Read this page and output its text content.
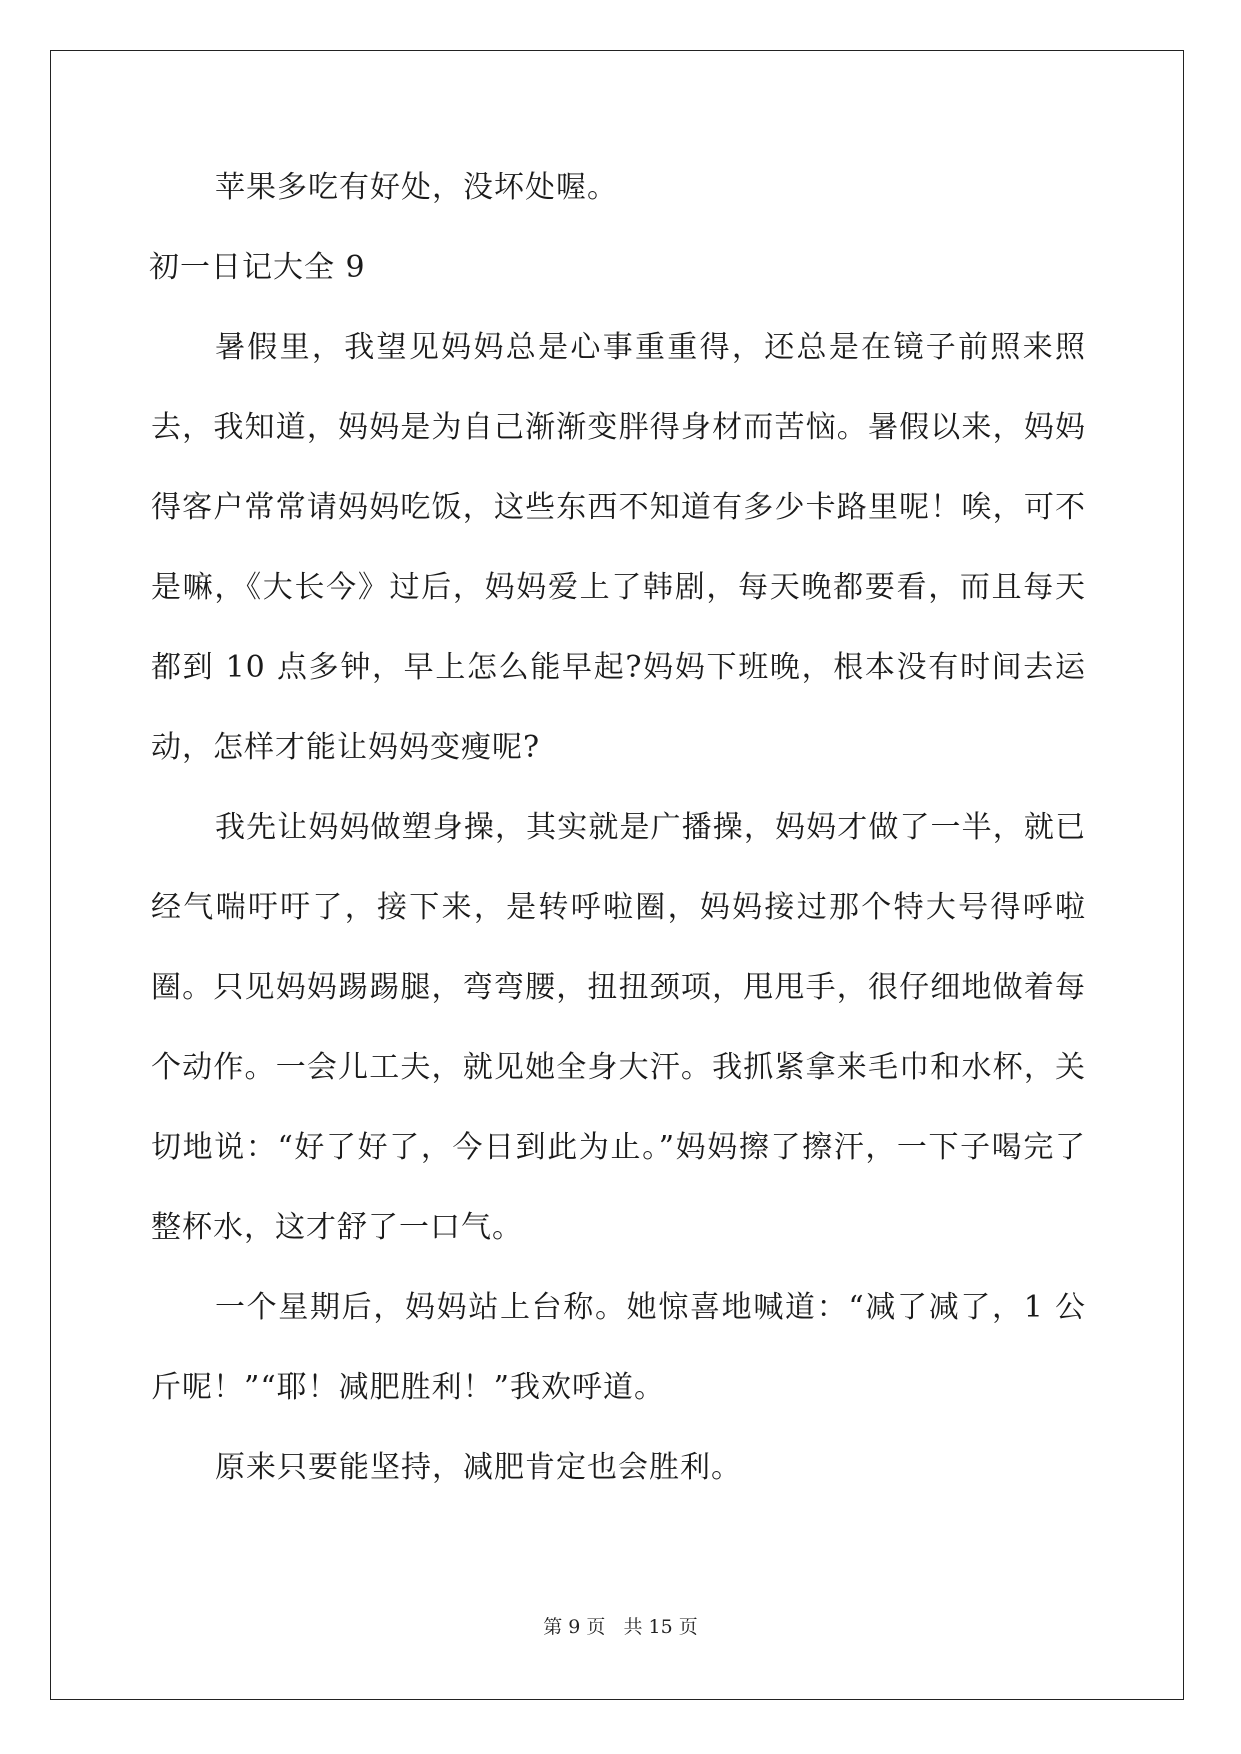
苹果多吃有好处，没坏处喔。

初一日记大全 9

暑假里，我望见妈妈总是心事重重得，还总是在镜子前照来照去，我知道，妈妈是为自己渐渐变胖得身材而苦恼。暑假以来，妈妈得客户常常请妈妈吃饭，这些东西不知道有多少卡路里呢！唉，可不是嘛，《大长今》过后，妈妈爱上了韩剧，每天晚都要看，而且每天都到 10 点多钟，早上怎么能早起?妈妈下班晚，根本没有时间去运动，怎样才能让妈妈变瘦呢?

我先让妈妈做塑身操，其实就是广播操，妈妈才做了一半，就已经气喘吁吁了，接下来，是转呼啦圈，妈妈接过那个特大号得呼啦圈。只见妈妈踢踢腿，弯弯腰，扭扭颈项，甩甩手，很仔细地做着每个动作。一会儿工夫，就见她全身大汗。我抓紧拿来毛巾和水杯，关切地说：“好了好了，今日到此为止。”妈妈擦了擦汗，一下子喝完了整杯水，这才舒了一口气。

一个星期后，妈妈站上台称。她惊喜地喊道：“减了减了，1 公斤呢！”“耶！减肥胜利！”我欢呼道。

原来只要能坚持，减肥肯定也会胜利。

第 9 页 共 15 页
